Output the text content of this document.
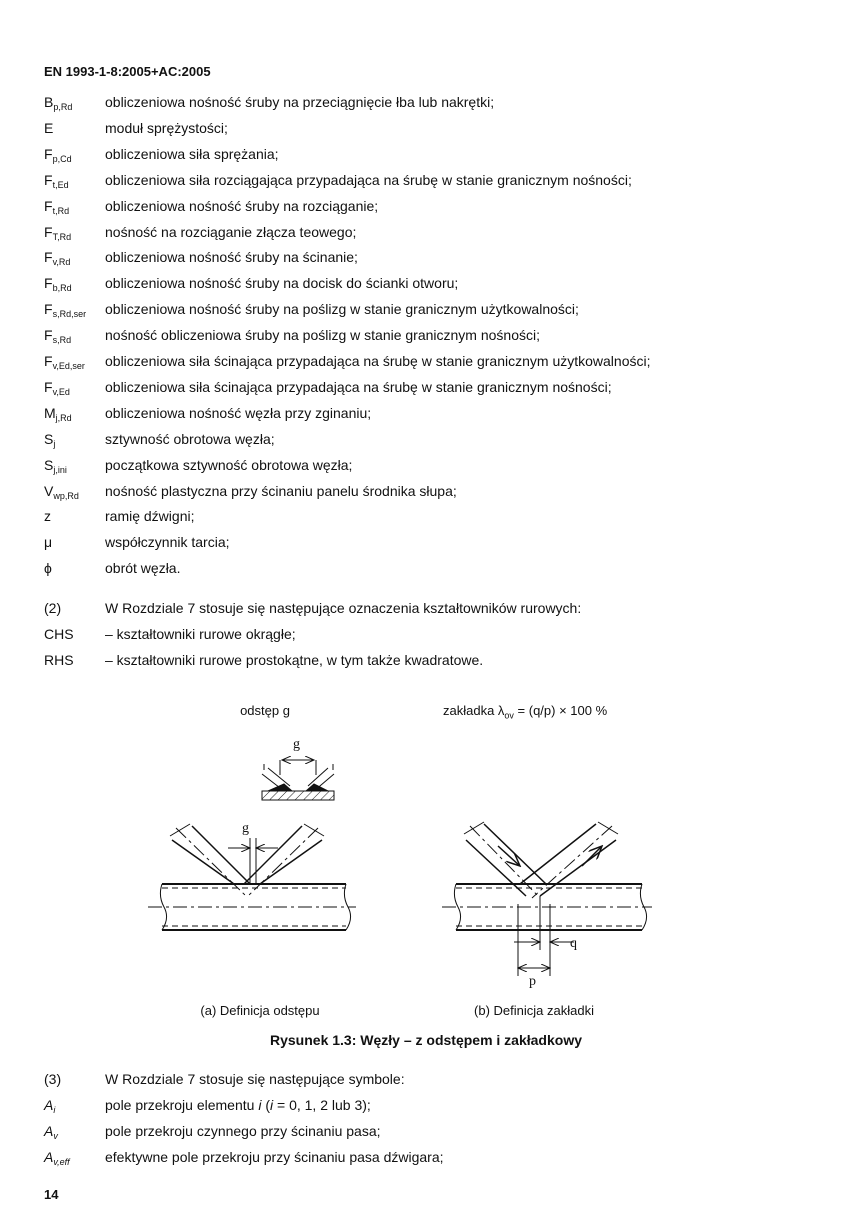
EN 1993-1-8:2005+AC:2005
$B_{p,Rd}$ obliczeniowa nośność śruby na przeciągnięcie łba lub nakrętki;
E	moduł sprężystości;
$F_{p,Cd}$ obliczeniowa siła sprężania;
$F_{t,Ed}$	obliczeniowa siła rozciągająca przypadająca na śrubę w stanie granicznym nośności;
$F_{t,Rd}$	obliczeniowa nośność śruby na rozciąganie;
$F_{T,Rd}$ nośność na rozciąganie złącza teowego;
$F_{v,Rd}$ obliczeniowa nośność śruby na ścinanie;
$F_{b,Rd}$ obliczeniowa nośność śruby na docisk do ścianki otworu;
$F_{s,Rd,ser}$ obliczeniowa nośność śruby na poślizg w stanie granicznym użytkowalności;
$F_{s,Rd}$ nośność obliczeniowa śruby na poślizg w stanie granicznym nośności;
$F_{v,Ed,ser}$ obliczeniowa siła ścinająca przypadająca na śrubę w stanie granicznym użytkowalności;
$F_{v,Ed}$	obliczeniowa siła ścinająca przypadająca na śrubę w stanie granicznym nośności;
$M_{j,Rd}$ obliczeniowa nośność węzła przy zginaniu;
$S_j$	sztywność obrotowa węzła;
$S_{j,ini}$	początkowa sztywność obrotowa węzła;
$V_{wp,Rd}$ nośność plastyczna przy ścinaniu panelu środnika słupa;
z	ramię dźwigni;
μ	współczynnik tarcia;
ϕ	obrót węzła.
(2)	W Rozdziale 7 stosuje się następujące oznaczenia kształtowników rurowych:
CHS – kształtowniki rurowe okrągłe;
RHS – kształtowniki rurowe prostokątne, w tym także kwadratowe.
odstęp g	zakładka $\lambda_{ov} = (q/p) \times 100$ %
g
g
q
p
(a) Definicja odstępu	(b) Definicja zakładki
Rysunek 1.3: Węzły – z odstępem i zakładkowy
(3)	W Rozdziale 7 stosuje się następujące symbole:
$A_i$	pole przekroju elementu i (i = 0, 1, 2 lub 3);
$A_v$	pole przekroju czynnego przy ścinaniu pasa;
$A_{v,eff}$	efektywne pole przekroju przy ścinaniu pasa dźwigara;
14
